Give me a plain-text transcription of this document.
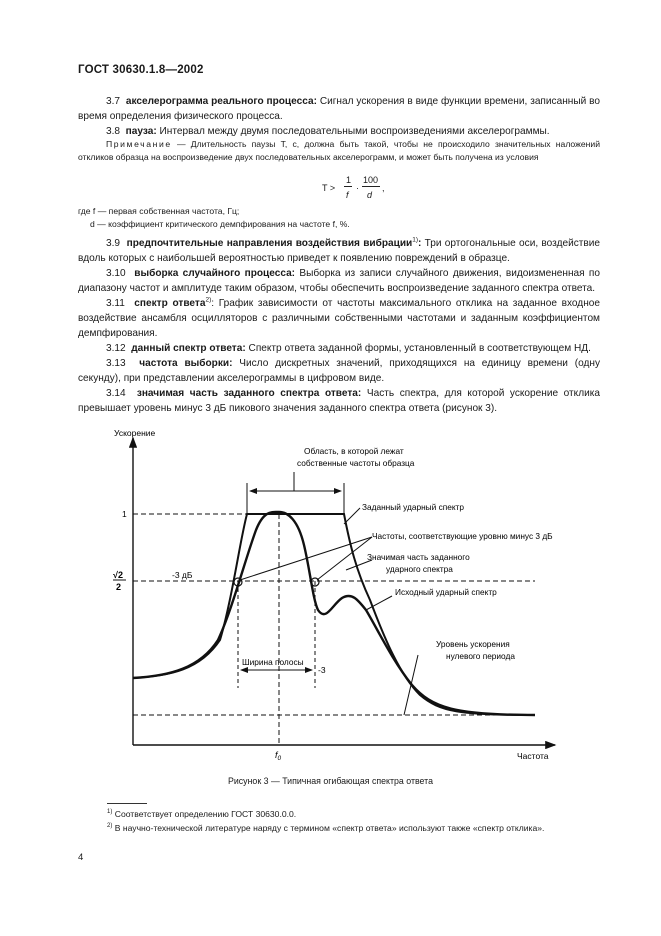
ГОСТ 30630.1.8—2002

3.7 акселерограмма реального процесса: Сигнал ускорения в виде функции времени, записанный во время определения физического процесса.

3.8 пауза: Интервал между двумя последовательными воспроизведениями акселерограммы.

Примечание — Длительность паузы T, с, должна быть такой, чтобы не происходило значительных наложений откликов образца на воспроизведение двух последовательных акселерограмм, и может быть получена из условия

T >
1
f
·
100
d
,
где f — первая собственная частота, Гц;
d — коэффициент критического демпфирования на частоте f, %.

3.9 предпочтительные направления воздействия вибрации$^{1)}$: Три ортогональные оси, воздействие вдоль которых с наибольшей вероятностью приведет к появлению повреждений в образце.

3.10 выборка случайного процесса: Выборка из записи случайного движения, видоизмененная по диапазону частот и амплитуде таким образом, чтобы обеспечить воспроизведение заданного спектра ответа.

3.11 спектр ответа$^{2)}$: График зависимости от частоты максимального отклика на заданное входное воздействие ансамбля осцилляторов с различными собственными частотами и заданным коэффициентом демпфирования.

3.12 данный спектр ответа: Спектр ответа заданной формы, установленный в соответствующем НД.

3.13 частота выборки: Число дискретных значений, приходящихся на единицу времени (одну секунду), при представлении акселерограммы в цифровом виде.

3.14 значимая часть заданного спектра ответа: Часть спектра, для которой ускорение отклика превышает уровень минус 3 дБ пикового значения заданного спектра ответа (рисунок 3).

Ускорение
Частота
1
√2
2
-3 дБ
Область, в которой лежат
собственные частоты образца
Ширина полосы
-3
$f_0$
Заданный ударный спектр
Частоты, соответствующие уровню минус 3 дБ
Значимая часть заданного
ударного спектра
Исходный ударный спектр
Уровень ускорения
нулевого периода
Рисунок 3 — Типичная огибающая спектра ответа
$^{1)}$ Соответствует определению ГОСТ 30630.0.0.
$^{2)}$ В научно-технической литературе наряду с термином «спектр ответа» используют также «спектр отклика».
4
